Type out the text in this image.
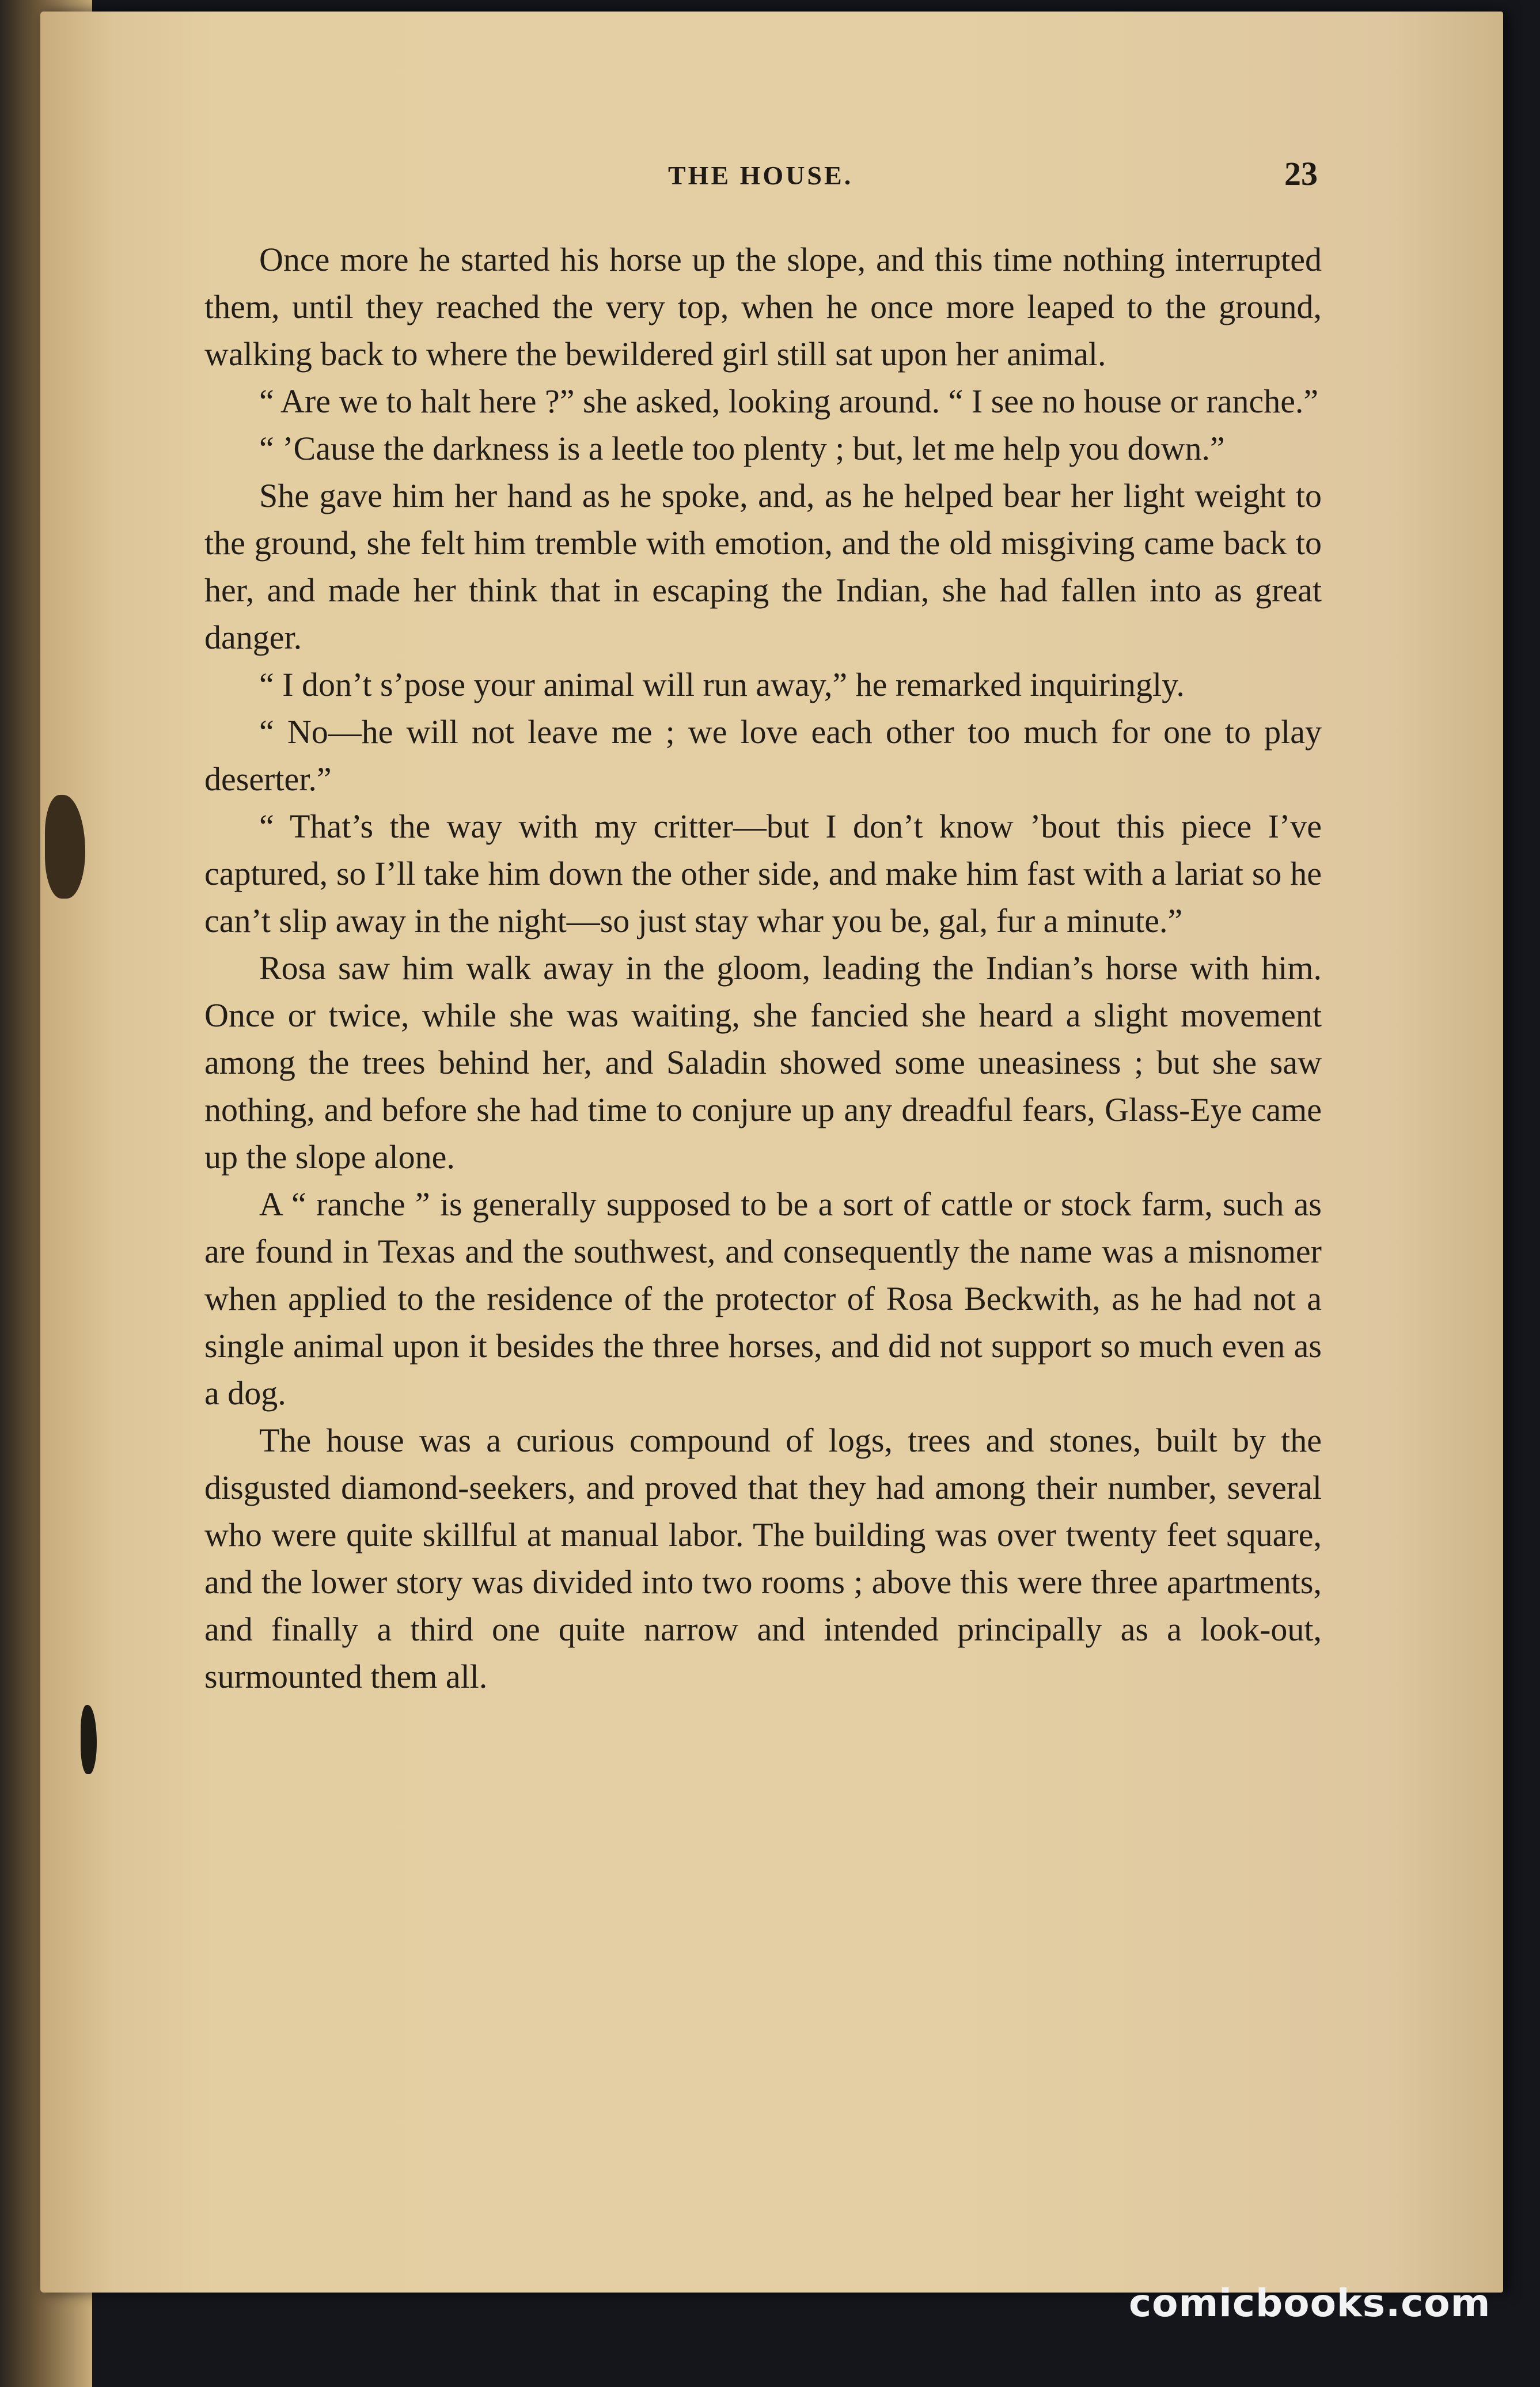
THE HOUSE.	23

Once more he started his horse up the slope, and this time nothing interrupted them, until they reached the very top, when he once more leaped to the ground, walking back to where the bewildered girl still sat upon her animal.

“ Are we to halt here ?” she asked, looking around. “ I see no house or ranche.”

“ ’Cause the darkness is a leetle too plenty ; but, let me help you down.”

She gave him her hand as he spoke, and, as he helped bear her light weight to the ground, she felt him tremble with emotion, and the old misgiving came back to her, and made her think that in escaping the Indian, she had fallen into as great danger.

“ I don’t s’pose your animal will run away,” he remarked inquiringly.

“ No—he will not leave me ; we love each other too much for one to play deserter.”

“ That’s the way with my critter—but I don’t know ’bout this piece I’ve captured, so I’ll take him down the other side, and make him fast with a lariat so he can’t slip away in the night—so just stay whar you be, gal, fur a minute.”

Rosa saw him walk away in the gloom, leading the Indian’s horse with him. Once or twice, while she was waiting, she fancied she heard a slight movement among the trees behind her, and Saladin showed some uneasiness ; but she saw nothing, and before she had time to conjure up any dreadful fears, Glass-Eye came up the slope alone.

A “ ranche ” is generally supposed to be a sort of cattle or stock farm, such as are found in Texas and the southwest, and consequently the name was a misnomer when applied to the residence of the protector of Rosa Beckwith, as he had not a single animal upon it besides the three horses, and did not support so much even as a dog.

The house was a curious compound of logs, trees and stones, built by the disgusted diamond-seekers, and proved that they had among their number, several who were quite skillful at manual labor. The building was over twenty feet square, and the lower story was divided into two rooms ; above this were three apartments, and finally a third one quite narrow and intended principally as a look-out, surmounted them all.

comicbooks.com
